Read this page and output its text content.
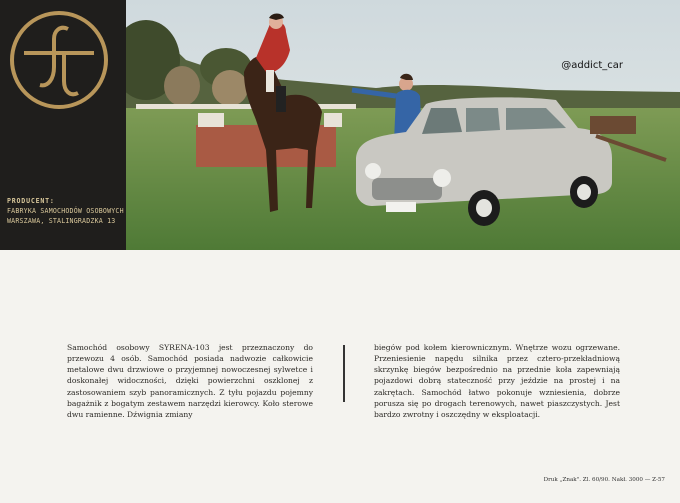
PRODUCENT:
FABRYKA SAMOCHODÓW OSOBOWYCH
WARSZAWA, STALINGRADZKA 13
@addict_car

Samochód osobowy SYRENA-103 jest przeznaczony do przewozu 4 osób. Samochód posiada nadwozie całkowicie metalowe dwu drzwiowe o przyjemnej nowoczesnej sylwetce i doskonałej widoczności, dzięki powierzchni oszklonej z zastosowaniem szyb panoramicznych. Z tyłu pojazdu pojemny bagażnik z bogatym zestawem narzędzi kierowcy. Koło sterowe dwu ramienne. Dźwignia zmiany

biegów pod kołem kierownicznym. Wnętrze wozu ogrzewane. Przeniesienie napędu silnika przez cztero-przekładniową skrzynkę biegów bezpośrednio na przednie koła zapewniają pojazdowi dobrą stateczność przy jeździe na prostej i na zakrętach. Samochód łatwo pokonuje wzniesienia, dobrze porusza się po drogach terenowych, nawet piaszczystych. Jest bardzo zwrotny i oszczędny w eksploatacji.

Druk „Znak". Zl. 60/90. Nakł. 3000 — Z-57
